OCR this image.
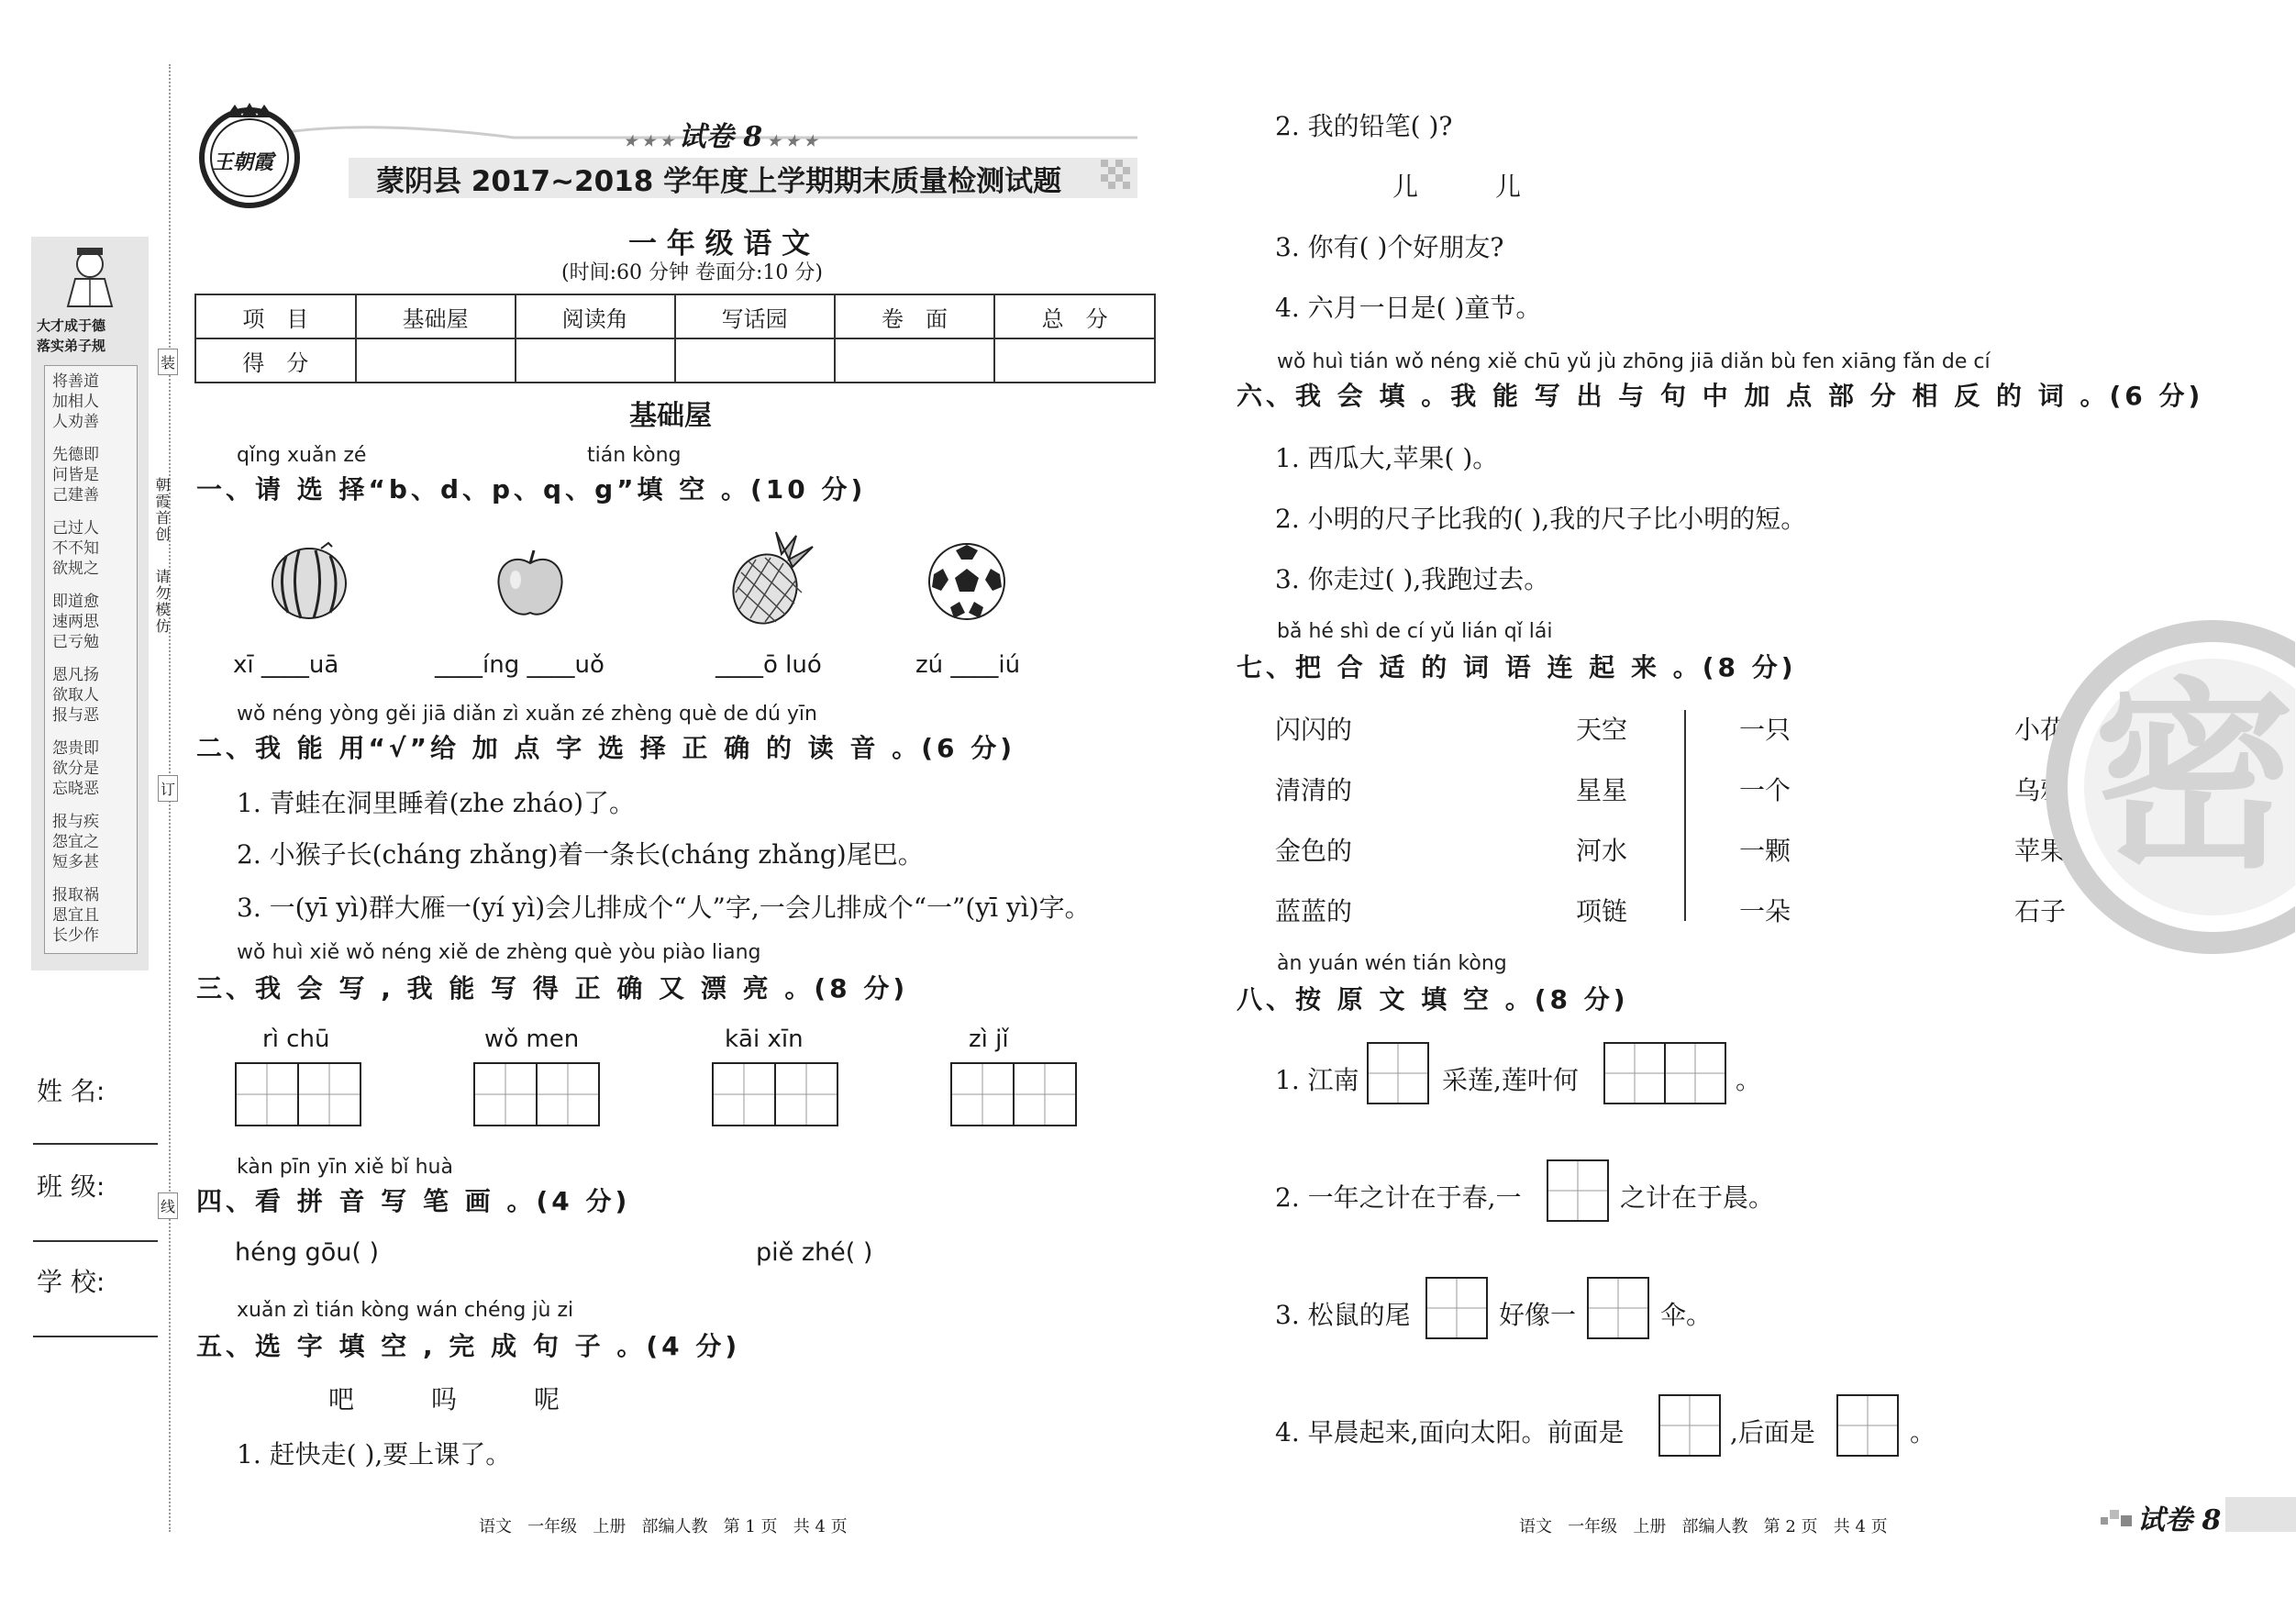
大才成于德
落实弟子规
将善道
加相人
人劝善
先德即
问皆是
己建善
己过人
不不知
欲规之
即道愈
速两思
已亏勉
恩凡扬
欲取人
报与恶
怨贵即
欲分是
忘晓恶
报与疾
怨宜之
短多甚
报取祸
恩宜且
长少作
朝霞首创
请勿模仿
装
订
线
姓 名:
班 级:
学 校:
王朝霞
★ ★ ★ 试卷 8 ★ ★ ★
蒙阴县 2017~2018 学年度上学期期末质量检测试题
一 年 级 语 文
(时间:60 分钟 卷面分:10 分)
项　目	基础屋	阅读角	写话园	卷　面	总　分
得　分					
基础屋
qǐng xuǎn zé	tián kòng
一、请 选 择“b、d、p、q、g”填 空 。(10 分)
xī ____uā	____íng ____uǒ	____ō luó	zú ____iú
wǒ néng yòng gěi jiā diǎn zì xuǎn zé zhèng què de dú yīn
二、我 能 用“√”给 加 点 字 选 择 正 确 的 读 音 。(6 分)
1. 青蛙在洞里睡着(zhe zháo)了。
2. 小猴子长(cháng zhǎng)着一条长(cháng zhǎng)尾巴。
3. 一(yī yì)群大雁一(yí yì)会儿排成个“人”字,一会儿排成个“一”(yī yì)字。
wǒ huì xiě wǒ néng xiě de zhèng què yòu piào liang
三、我 会 写 , 我 能 写 得 正 确 又 漂 亮 。(8 分)
rì chū	wǒ men	kāi xīn	zì jǐ
kàn pīn yīn xiě bǐ huà
四、看 拼 音 写 笔 画 。(4 分)
héng gōu( )	piě zhé( )
xuǎn zì tián kòng wán chéng jù zi
五、选 字 填 空 , 完 成 句 子 。(4 分)
吧　　　吗　　　呢
1. 赶快走( ),要上课了。
语文   一年级   上册   部编人教   第 1 页   共 4 页
2. 我的铅笔( )?
儿　　　儿
3. 你有( )个好朋友?
4. 六月一日是( )童节。
wǒ huì tián wǒ néng xiě chū yǔ jù zhōng jiā diǎn bù fen xiāng fǎn de cí
六、我 会 填 。我 能 写 出 与 句 中 加 点 部 分 相 反 的 词 。(6 分)
1. 西瓜大,苹果( )。
2. 小明的尺子比我的( ),我的尺子比小明的短。
3. 你走过( ),我跑过去。
bǎ hé shì de cí yǔ lián qǐ lái
七、把 合 适 的 词 语 连 起 来 。(8 分)
闪闪的
清清的
金色的
蓝蓝的
天空
星星
河水
项链
一只
一个
一颗
一朵
小花
乌鸦
苹果
石子
àn yuán wén tián kòng
八、按 原 文 填 空 。(8 分)
1. 江南	采莲,莲叶何	。
2. 一年之计在于春,一	之计在于晨。
3. 松鼠的尾	好像一	伞。
4. 早晨起来,面向太阳。前面是	,后面是	。
语文   一年级   上册   部编人教   第 2 页   共 4 页	试卷 8
密
